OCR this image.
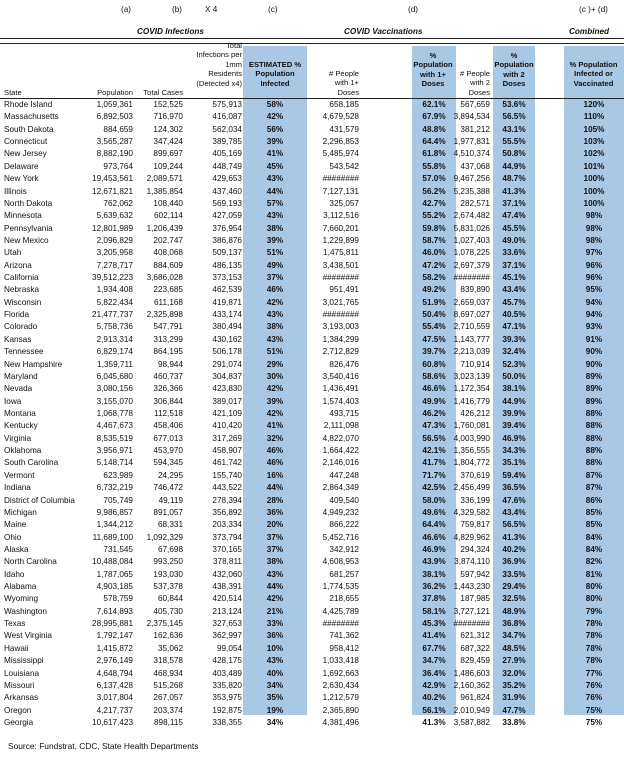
(a)	(b)	X 4	(c)	(d)	(c )+ (d)
COVID Infections	COVID Vaccinations	Combined
State	Population	Total Cases
Total
Infections per
1mm
Residents
(Detected x4)
ESTIMATED %
Population
Infected
# People
with 1+
Doses
%
Population
with 1+
Doses
# People
with 2
Doses
%
Population
with 2
Doses
% Population
Infected or
Vaccinated
Rhode Island	1,059,361	152,525	575,913	58%	658,185	62.1%	567,659	53.6%	120%
Massachusetts	6,892,503	716,970	416,087	42%	4,679,528	67.9% 3,894,534	56.5%	110%
South Dakota	884,659	124,302	562,034	56%	431,579	48.8%	381,212	43.1%	105%
Connecticut	3,565,287	347,424	389,785	39%	2,296,853	64.4% 1,977,831	55.5%	103%
New Jersey	8,882,190	899,697	405,169	41%	5,485,974	61.8% 4,510,374	50.8%	102%
Delaware	973,764	109,244	448,749	45%	543,542	55.8%	437,068	44.9%	101%
New York	19,453,561	2,089,571	429,653	43%	########	57.0% 9,467,256	48.7%	100%
Illinois	12,671,821	1,385,854	437,460	44%	7,127,131	56.2% 5,235,388	41.3%	100%
North Dakota	762,062	108,440	569,193	57%	325,057	42.7%	282,571	37.1%	100%
Minnesota	5,639,632	602,114	427,059	43%	3,112,516	55.2% 2,674,482	47.4%	98%
Pennsylvania	12,801,989	1,206,439	376,954	38%	7,660,201	59.8% 5,831,026	45.5%	98%
New Mexico	2,096,829	202,747	386,876	39%	1,229,899	58.7% 1,027,403	49.0%	98%
Utah	3,205,958	408,068	509,137	51%	1,475,811	46.0% 1,078,225	33.6%	97%
Arizona	7,278,717	884,609	486,135	49%	3,438,501	47.2% 2,697,379	37.1%	96%
California	39,512,223	3,686,028	373,153	37%	########	58.2% ########	45.1%	96%
Nebraska	1,934,408	223,685	462,539	46%	951,491	49.2%	839,890	43.4%	95%
Wisconsin	5,822,434	611,168	419,871	42%	3,021,765	51.9% 2,659,037	45.7%	94%
Florida	21,477,737	2,325,898	433,174	43%	########	50.4% 8,697,027	40.5%	94%
Colorado	5,758,736	547,791	380,494	38%	3,193,003	55.4% 2,710,559	47.1%	93%
Kansas	2,913,314	313,299	430,162	43%	1,384,299	47.5% 1,143,777	39.3%	91%
Tennessee	6,829,174	864,195	506,178	51%	2,712,829	39.7% 2,213,039	32.4%	90%
New Hampshire	1,359,711	98,944	291,074	29%	826,476	60.8%	710,914	52.3%	90%
Maryland	6,045,680	460,737	304,837	30%	3,540,416	58.6% 3,023,139	50.0%	89%
Nevada	3,080,156	326,366	423,830	42%	1,436,491	46.6% 1,172,354	38.1%	89%
Iowa	3,155,070	306,844	389,017	39%	1,574,403	49.9% 1,416,779	44.9%	89%
Montana	1,068,778	112,518	421,109	42%	493,715	46.2%	426,212	39.9%	88%
Kentucky	4,467,673	458,406	410,420	41%	2,111,098	47.3% 1,760,081	39.4%	88%
Virginia	8,535,519	677,013	317,269	32%	4,822,070	56.5% 4,003,990	46.9%	88%
Oklahoma	3,956,971	453,970	458,907	46%	1,664,422	42.1% 1,356,555	34.3%	88%
South Carolina	5,148,714	594,345	461,742	46%	2,146,016	41.7% 1,804,772	35.1%	88%
Vermont	623,989	24,295	155,740	16%	447,248	71.7%	370,619	59.4%	87%
Indiana	6,732,219	746,472	443,522	44%	2,864,349	42.5% 2,456,499	36.5%	87%
District of Columbia	705,749	49,119	278,394	28%	409,540	58.0%	336,199	47.6%	86%
Michigan	9,986,857	891,057	356,892	36%	4,949,232	49.6% 4,329,582	43.4%	85%
Maine	1,344,212	68,331	203,334	20%	866,222	64.4%	759,817	56.5%	85%
Ohio	11,689,100	1,092,329	373,794	37%	5,452,716	46.6% 4,829,962	41.3%	84%
Alaska	731,545	67,698	370,165	37%	342,912	46.9%	294,324	40.2%	84%
North Carolina	10,488,084	993,250	378,811	38%	4,608,953	43.9%	3,874,110	36.9%	82%
Idaho	1,787,065	193,030	432,060	43%	681,257	38.1%	597,942	33.5%	81%
Alabama	4,903,185	537,378	438,391	44%	1,774,535	36.2% 1,443,230	29.4%	80%
Wyoming	578,759	60,844	420,514	42%	218,655	37.8%	187,985	32.5%	80%
Washington	7,614,893	405,730	213,124	21%	4,425,789	58.1% 3,727,121	48.9%	79%
Texas	28,995,881	2,375,145	327,653	33%	########	45.3% ########	36.8%	78%
West Virginia	1,792,147	162,636	362,997	36%	741,362	41.4%	621,312	34.7%	78%
Hawaii	1,415,872	35,062	99,054	10%	958,412	67.7%	687,322	48.5%	78%
Mississippi	2,976,149	318,578	428,175	43%	1,033,418	34.7%	829,459	27.9%	78%
Louisiana	4,648,794	468,934	403,489	40%	1,692,663	36.4% 1,486,603	32.0%	77%
Missouri	6,137,428	515,268	335,820	34%	2,630,434	42.9% 2,160,362	35.2%	76%
Arkansas	3,017,804	267,057	353,975	35%	1,212,579	40.2%	961,824	31.9%	76%
Oregon	4,217,737	203,374	192,875	19%	2,365,890	56.1% 2,010,949	47.7%	75%
Georgia	10,617,423	898,115	338,355	34%	4,381,496	41.3% 3,587,882	33.8%	75%
Source: Fundstrat, CDC, State Health Departments
